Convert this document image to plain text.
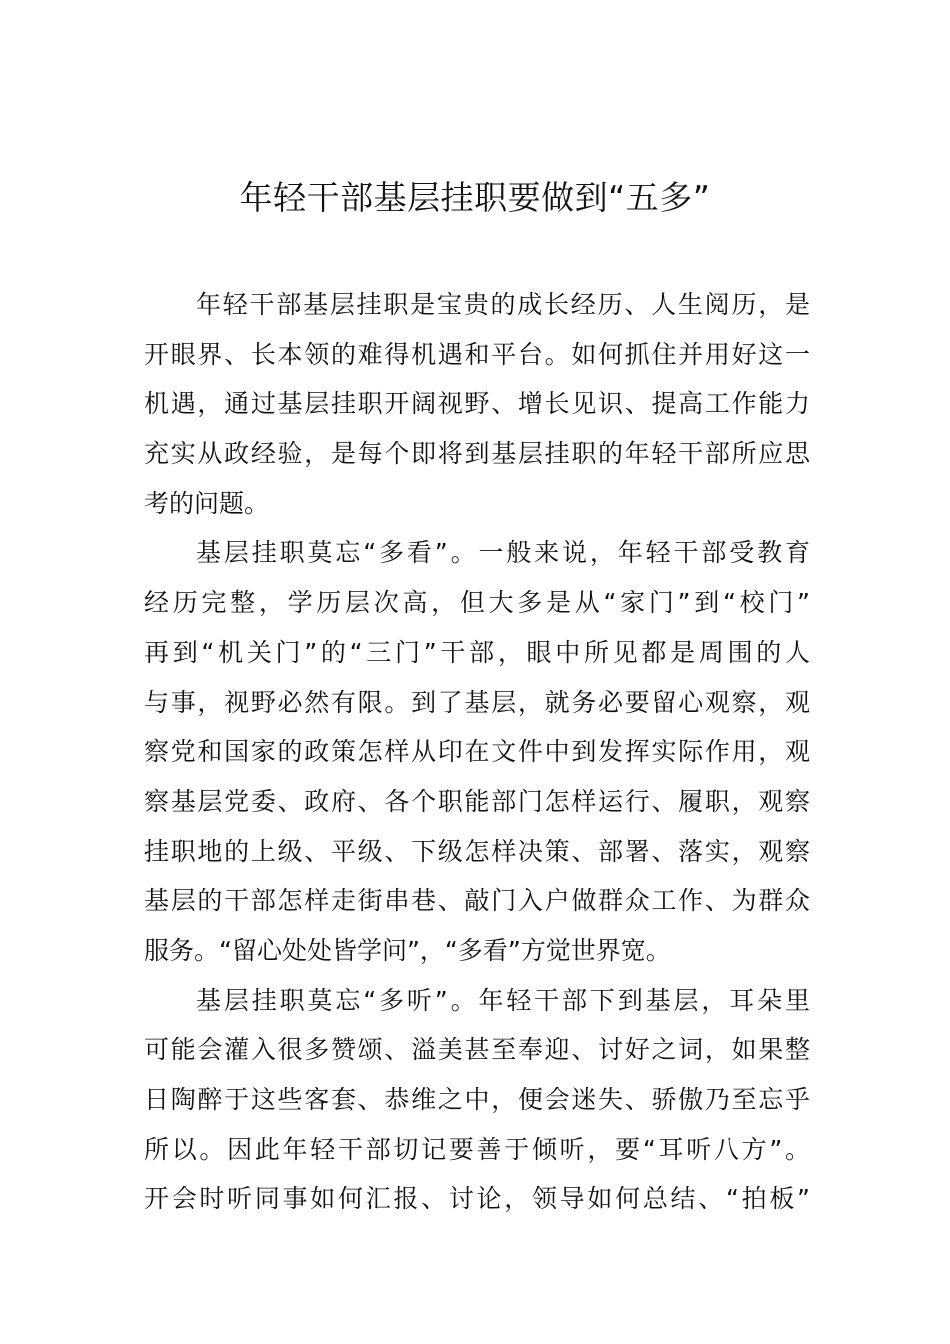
年轻干部基层挂职要做到“五多”
年轻干部基层挂职是宝贵的成长经历、人生阅历，是
开眼界、长本领的难得机遇和平台。如何抓住并用好这一
机遇，通过基层挂职开阔视野、增长见识、提高工作能力
充实从政经验，是每个即将到基层挂职的年轻干部所应思
考的问题。
基层挂职莫忘“多看”。一般来说，年轻干部受教育
经历完整，学历层次高，但大多是从“家门”到“校门”
再到“机关门”的“三门”干部，眼中所见都是周围的人
与事，视野必然有限。到了基层，就务必要留心观察，观
察党和国家的政策怎样从印在文件中到发挥实际作用，观
察基层党委、政府、各个职能部门怎样运行、履职，观察
挂职地的上级、平级、下级怎样决策、部署、落实，观察
基层的干部怎样走街串巷、敲门入户做群众工作、为群众
服务。“留心处处皆学问”，“多看”方觉世界宽。
基层挂职莫忘“多听”。年轻干部下到基层，耳朵里
可能会灌入很多赞颂、溢美甚至奉迎、讨好之词，如果整
日陶醉于这些客套、恭维之中，便会迷失、骄傲乃至忘乎
所以。因此年轻干部切记要善于倾听，要“耳听八方”。
开会时听同事如何汇报、讨论，领导如何总结、“拍板”
